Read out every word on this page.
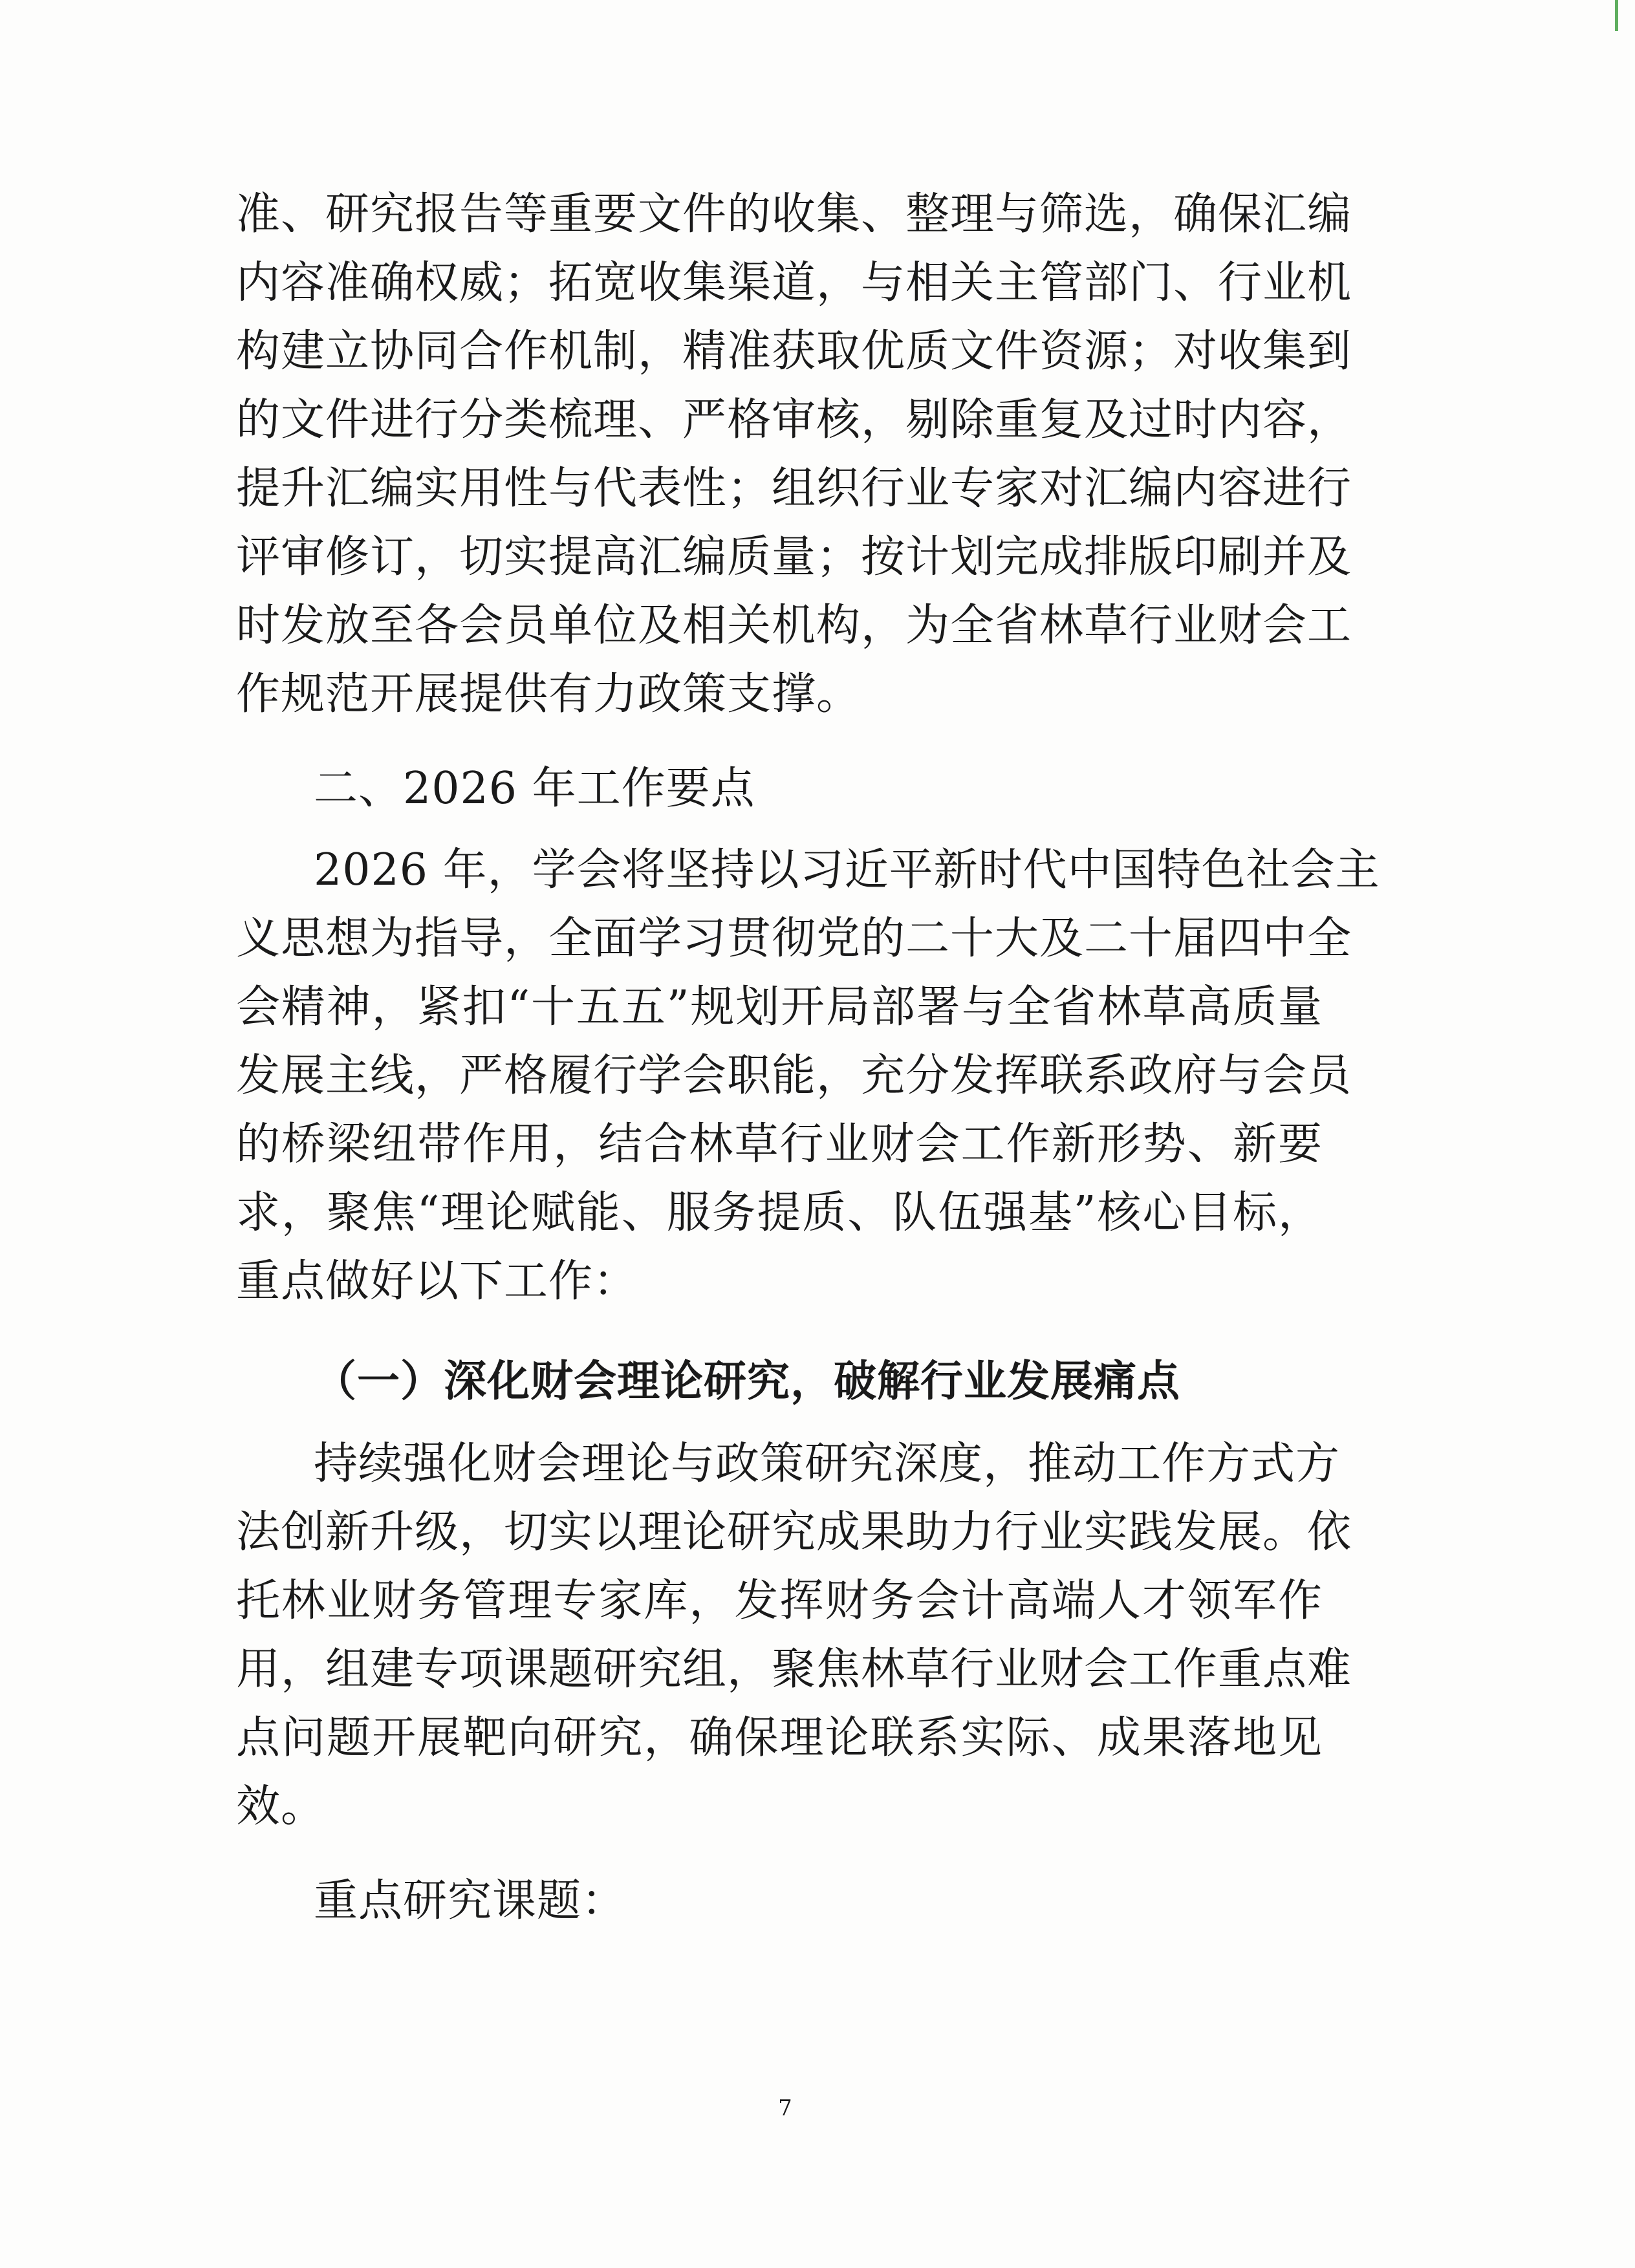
准、研究报告等重要文件的收集、整理与筛选，确保汇编
内容准确权威；拓宽收集渠道，与相关主管部门、行业机
构建立协同合作机制，精准获取优质文件资源；对收集到
的文件进行分类梳理、严格审核，剔除重复及过时内容，
提升汇编实用性与代表性；组织行业专家对汇编内容进行
评审修订，切实提高汇编质量；按计划完成排版印刷并及
时发放至各会员单位及相关机构，为全省林草行业财会工
作规范开展提供有力政策支撑。
二、2026 年工作要点
2026 年，学会将坚持以习近平新时代中国特色社会主
义思想为指导，全面学习贯彻党的二十大及二十届四中全
会精神，紧扣“十五五”规划开局部署与全省林草高质量
发展主线，严格履行学会职能，充分发挥联系政府与会员
的桥梁纽带作用，结合林草行业财会工作新形势、新要
求，聚焦“理论赋能、服务提质、队伍强基”核心目标，
重点做好以下工作：
（一）深化财会理论研究，破解行业发展痛点
持续强化财会理论与政策研究深度，推动工作方式方
法创新升级，切实以理论研究成果助力行业实践发展。依
托林业财务管理专家库，发挥财务会计高端人才领军作
用，组建专项课题研究组，聚焦林草行业财会工作重点难
点问题开展靶向研究，确保理论联系实际、成果落地见
效。
重点研究课题：
7
